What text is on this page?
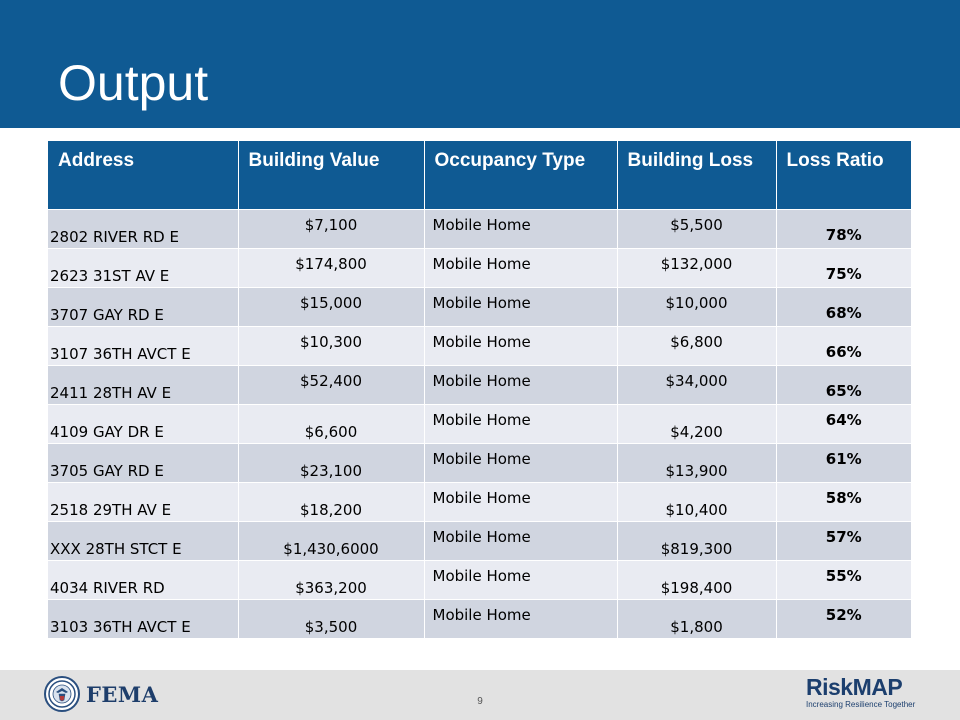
Output
Address	Building Value	Occupancy Type	Building Loss	Loss Ratio
2802 RIVER RD E	$7,100	Mobile Home	$5,500	78%
2623 31ST AV E	$174,800	Mobile Home	$132,000	75%
3707 GAY RD E	$15,000	Mobile Home	$10,000	68%
3107 36TH AVCT E	$10,300	Mobile Home	$6,800	66%
2411 28TH AV E	$52,400	Mobile Home	$34,000	65%
4109 GAY DR E	$6,600	Mobile Home	$4,200	64%
3705 GAY RD E	$23,100	Mobile Home	$13,900	61%
2518 29TH AV E	$18,200	Mobile Home	$10,400	58%
XXX 28TH STCT E	$1,430,6000	Mobile Home	$819,300	57%
4034 RIVER RD	$363,200	Mobile Home	$198,400	55%
3103 36TH AVCT E	$3,500	Mobile Home	$1,800	52%
FEMA	9
RiskMAP
Increasing Resilience Together
